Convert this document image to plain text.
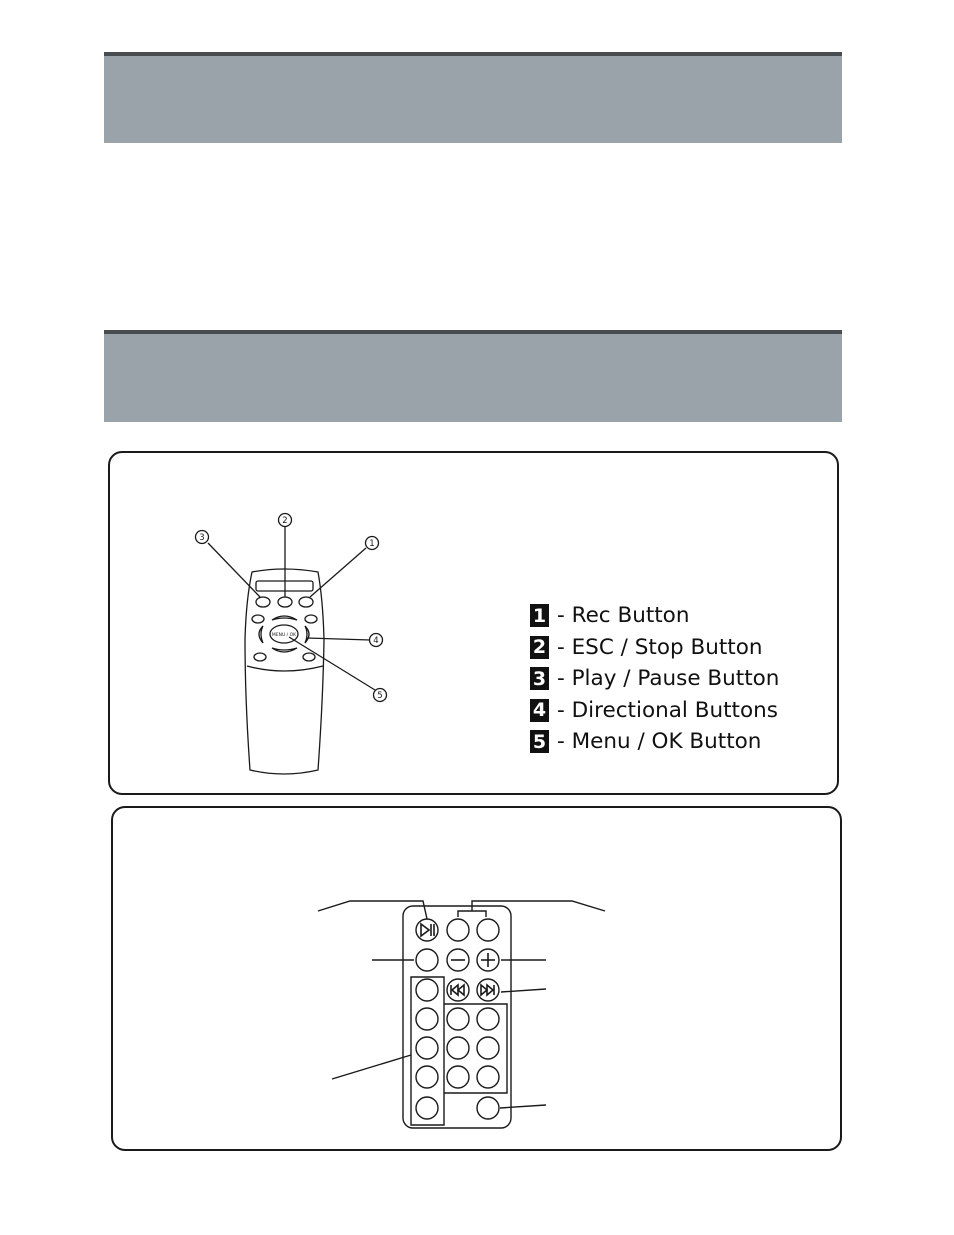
3
2
1
4
5
MENU / OK
1 - Rec Button
2 - ESC / Stop Button
3 - Play / Pause Button
4 - Directional Buttons
5 - Menu / OK Button
